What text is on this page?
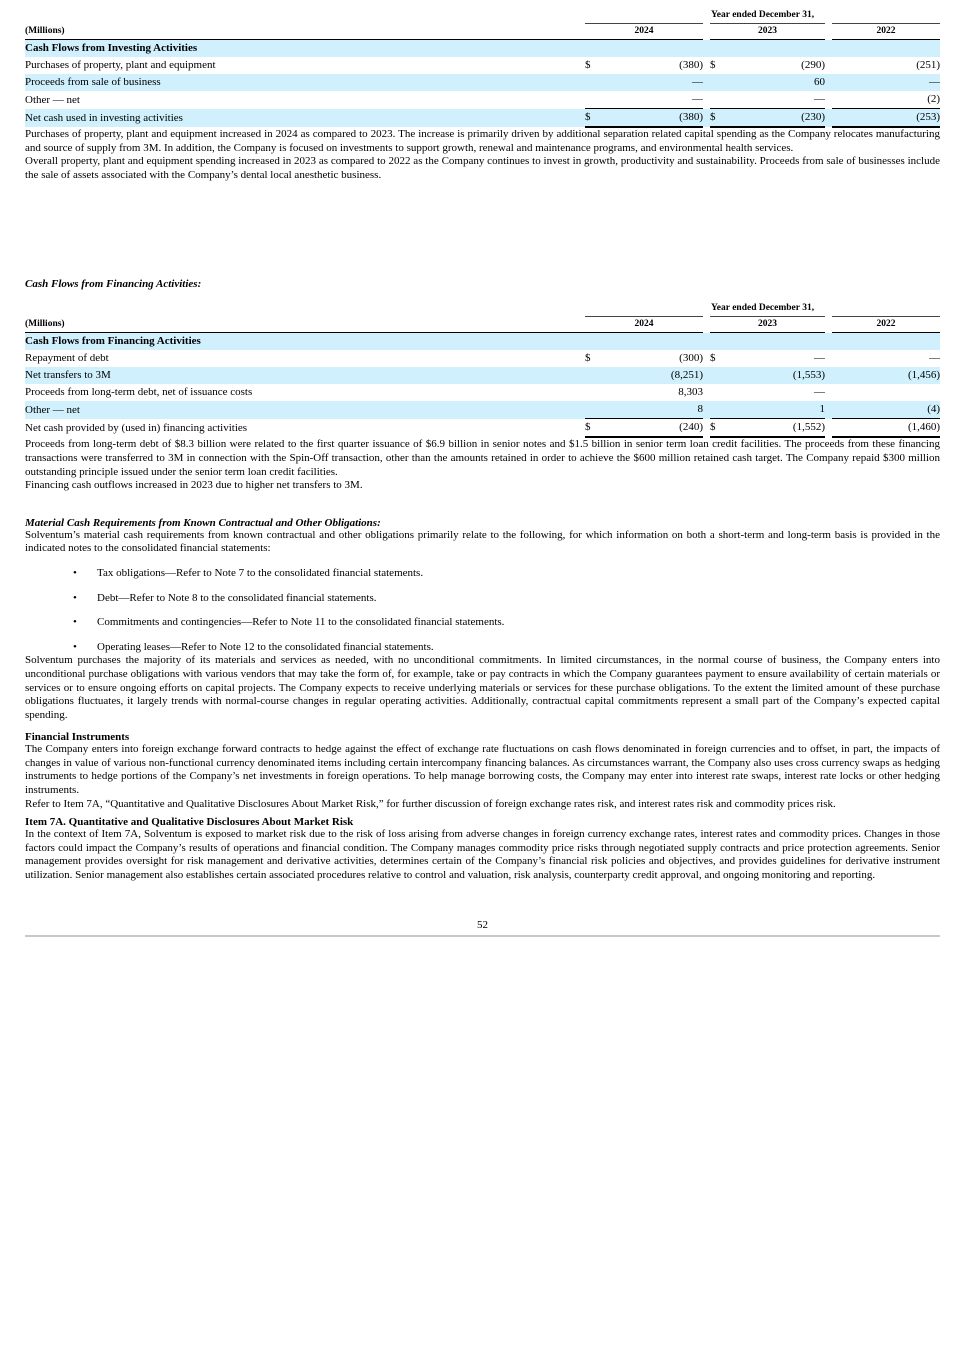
	Year ended December 31,							
(Millions)	2024			2023			2022	
Cash Flows from Investing Activities								
Purchases of property, plant and equipment	$	(380)		$	(290)			(251)
Proceeds from sale of business		—			60			—
Other — net		—			—			(2)
Net cash used in investing activities	$	(380)		$	(230)			(253)

Purchases of property, plant and equipment increased in 2024 as compared to 2023. The increase is primarily driven by additional separation related capital spending as the Company relocates manufacturing and source of supply from 3M. In addition, the Company is focused on investments to support growth, renewal and maintenance programs, and environmental health services.

Overall property, plant and equipment spending increased in 2023 as compared to 2022 as the Company continues to invest in growth, productivity and sustainability. Proceeds from sale of businesses include the sale of assets associated with the Company’s dental local anesthetic business.

Cash Flows from Financing Activities:

	Year ended December 31,							
(Millions)	2024			2023			2022	
Cash Flows from Financing Activities								
Repayment of debt	$	(300)		$	—			—
Net transfers to 3M		(8,251)			(1,553)			(1,456)
Proceeds from long-term debt, net of issuance costs		8,303			—			
Other — net		8			1			(4)
Net cash provided by (used in) financing activities	$	(240)		$	(1,552)			(1,460)

Proceeds from long-term debt of $8.3 billion were related to the first quarter issuance of $6.9 billion in senior notes and $1.5 billion in senior term loan credit facilities. The proceeds from these financing transactions were transferred to 3M in connection with the Spin-Off transaction, other than the amounts retained in order to achieve the $600 million retained cash target. The Company repaid $300 million outstanding principle issued under the senior term loan credit facilities.

Financing cash outflows increased in 2023 due to higher net transfers to 3M.

Material Cash Requirements from Known Contractual and Other Obligations:

Solventum’s material cash requirements from known contractual and other obligations primarily relate to the following, for which information on both a short-term and long-term basis is provided in the indicated notes to the consolidated financial statements:

•	Tax obligations—Refer to Note 7 to the consolidated financial statements.
•	Debt—Refer to Note 8 to the consolidated financial statements.
•	Commitments and contingencies—Refer to Note 11 to the consolidated financial statements.
•	Operating leases—Refer to Note 12 to the consolidated financial statements.

Solventum purchases the majority of its materials and services as needed, with no unconditional commitments. In limited circumstances, in the normal course of business, the Company enters into unconditional purchase obligations with various vendors that may take the form of, for example, take or pay contracts in which the Company guarantees payment to ensure availability of certain materials or services or to ensure ongoing efforts on capital projects. The Company expects to receive underlying materials or services for these purchase obligations. To the extent the limited amount of these purchase obligations fluctuates, it largely trends with normal-course changes in regular operating activities. Additionally, contractual capital commitments represent a small part of the Company’s expected capital spending.

Financial Instruments

The Company enters into foreign exchange forward contracts to hedge against the effect of exchange rate fluctuations on cash flows denominated in foreign currencies and to offset, in part, the impacts of changes in value of various non-functional currency denominated items including certain intercompany financing balances. As circumstances warrant, the Company also uses cross currency swaps as hedging instruments to hedge portions of the Company’s net investments in foreign operations. To help manage borrowing costs, the Company may enter into interest rate swaps, interest rate locks or other hedging instruments.

Refer to Item 7A, “Quantitative and Qualitative Disclosures About Market Risk,” for further discussion of foreign exchange rates risk, and interest rates risk and commodity prices risk.

Item 7A. Quantitative and Qualitative Disclosures About Market Risk

In the context of Item 7A, Solventum is exposed to market risk due to the risk of loss arising from adverse changes in foreign currency exchange rates, interest rates and commodity prices. Changes in those factors could impact the Company’s results of operations and financial condition. The Company manages commodity price risks through negotiated supply contracts and price protection agreements. Senior management provides oversight for risk management and derivative activities, determines certain of the Company’s financial risk policies and objectives, and provides guidelines for derivative instrument utilization. Senior management also establishes certain associated procedures relative to control and valuation, risk analysis, counterparty credit approval, and ongoing monitoring and reporting.

52
